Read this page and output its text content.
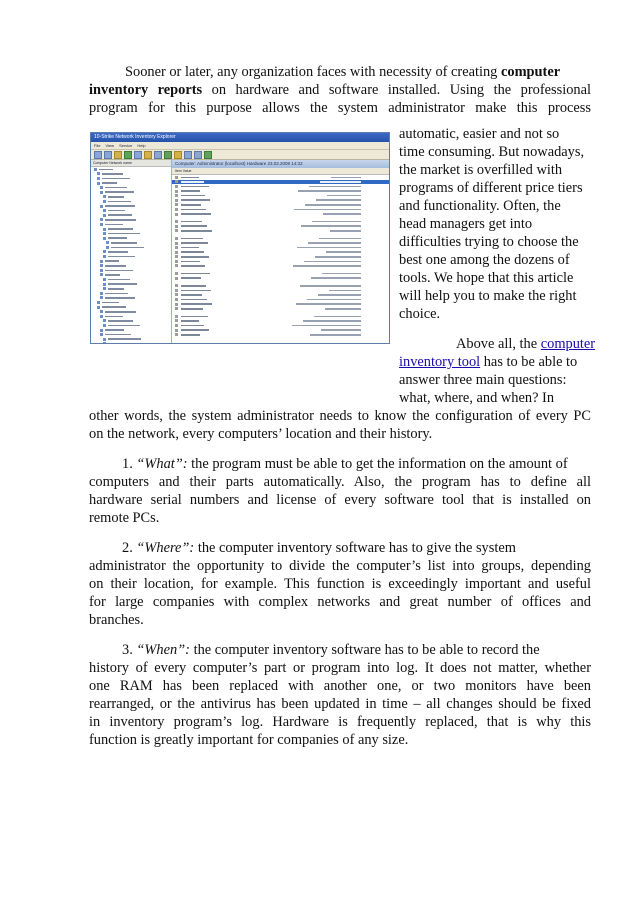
Sooner or later, any organization faces with necessity of creating computer
inventory reports on hardware and software installed. Using the professional
program for this purpose allows the system administrator make this process
10-Strike Network Inventory Explorer
File View Service Help
Computer Network name	Computer: Administrator (localhost) Hardware 23.02.2008 14:32
Item Value
automatic, easier and not so
time consuming. But nowadays,
the market is overfilled with
programs of different price tiers
and functionality. Often, the
head managers get into
difficulties trying to choose the
best one among the dozens of
tools. We hope that this article
will help you to make the right
choice.
Above all, the computer
inventory tool has to be able to
answer three main questions:
what, where, and when? In
other words, the system administrator needs to know the configuration of every PC
on the network, every computers’ location and their history.
1. “What”: the program must be able to get the information on the amount of
computers and their parts automatically. Also, the program has to define all
hardware serial numbers and license of every software tool that is installed on
remote PCs.
2. “Where”: the computer inventory software has to give the system
administrator the opportunity to divide the computer’s list into groups, depending
on their location, for example. This function is exceedingly important and useful
for large companies with complex networks and great number of offices and
branches.
3. “When”: the computer inventory software has to be able to record the
history of every computer’s part or program into log. It does not matter, whether
one RAM has been replaced with another one, or two monitors have been
rearranged, or the antivirus has been updated in time – all changes should be fixed
in inventory program’s log. Hardware is frequently replaced, that is why this
function is greatly important for companies of any size.
